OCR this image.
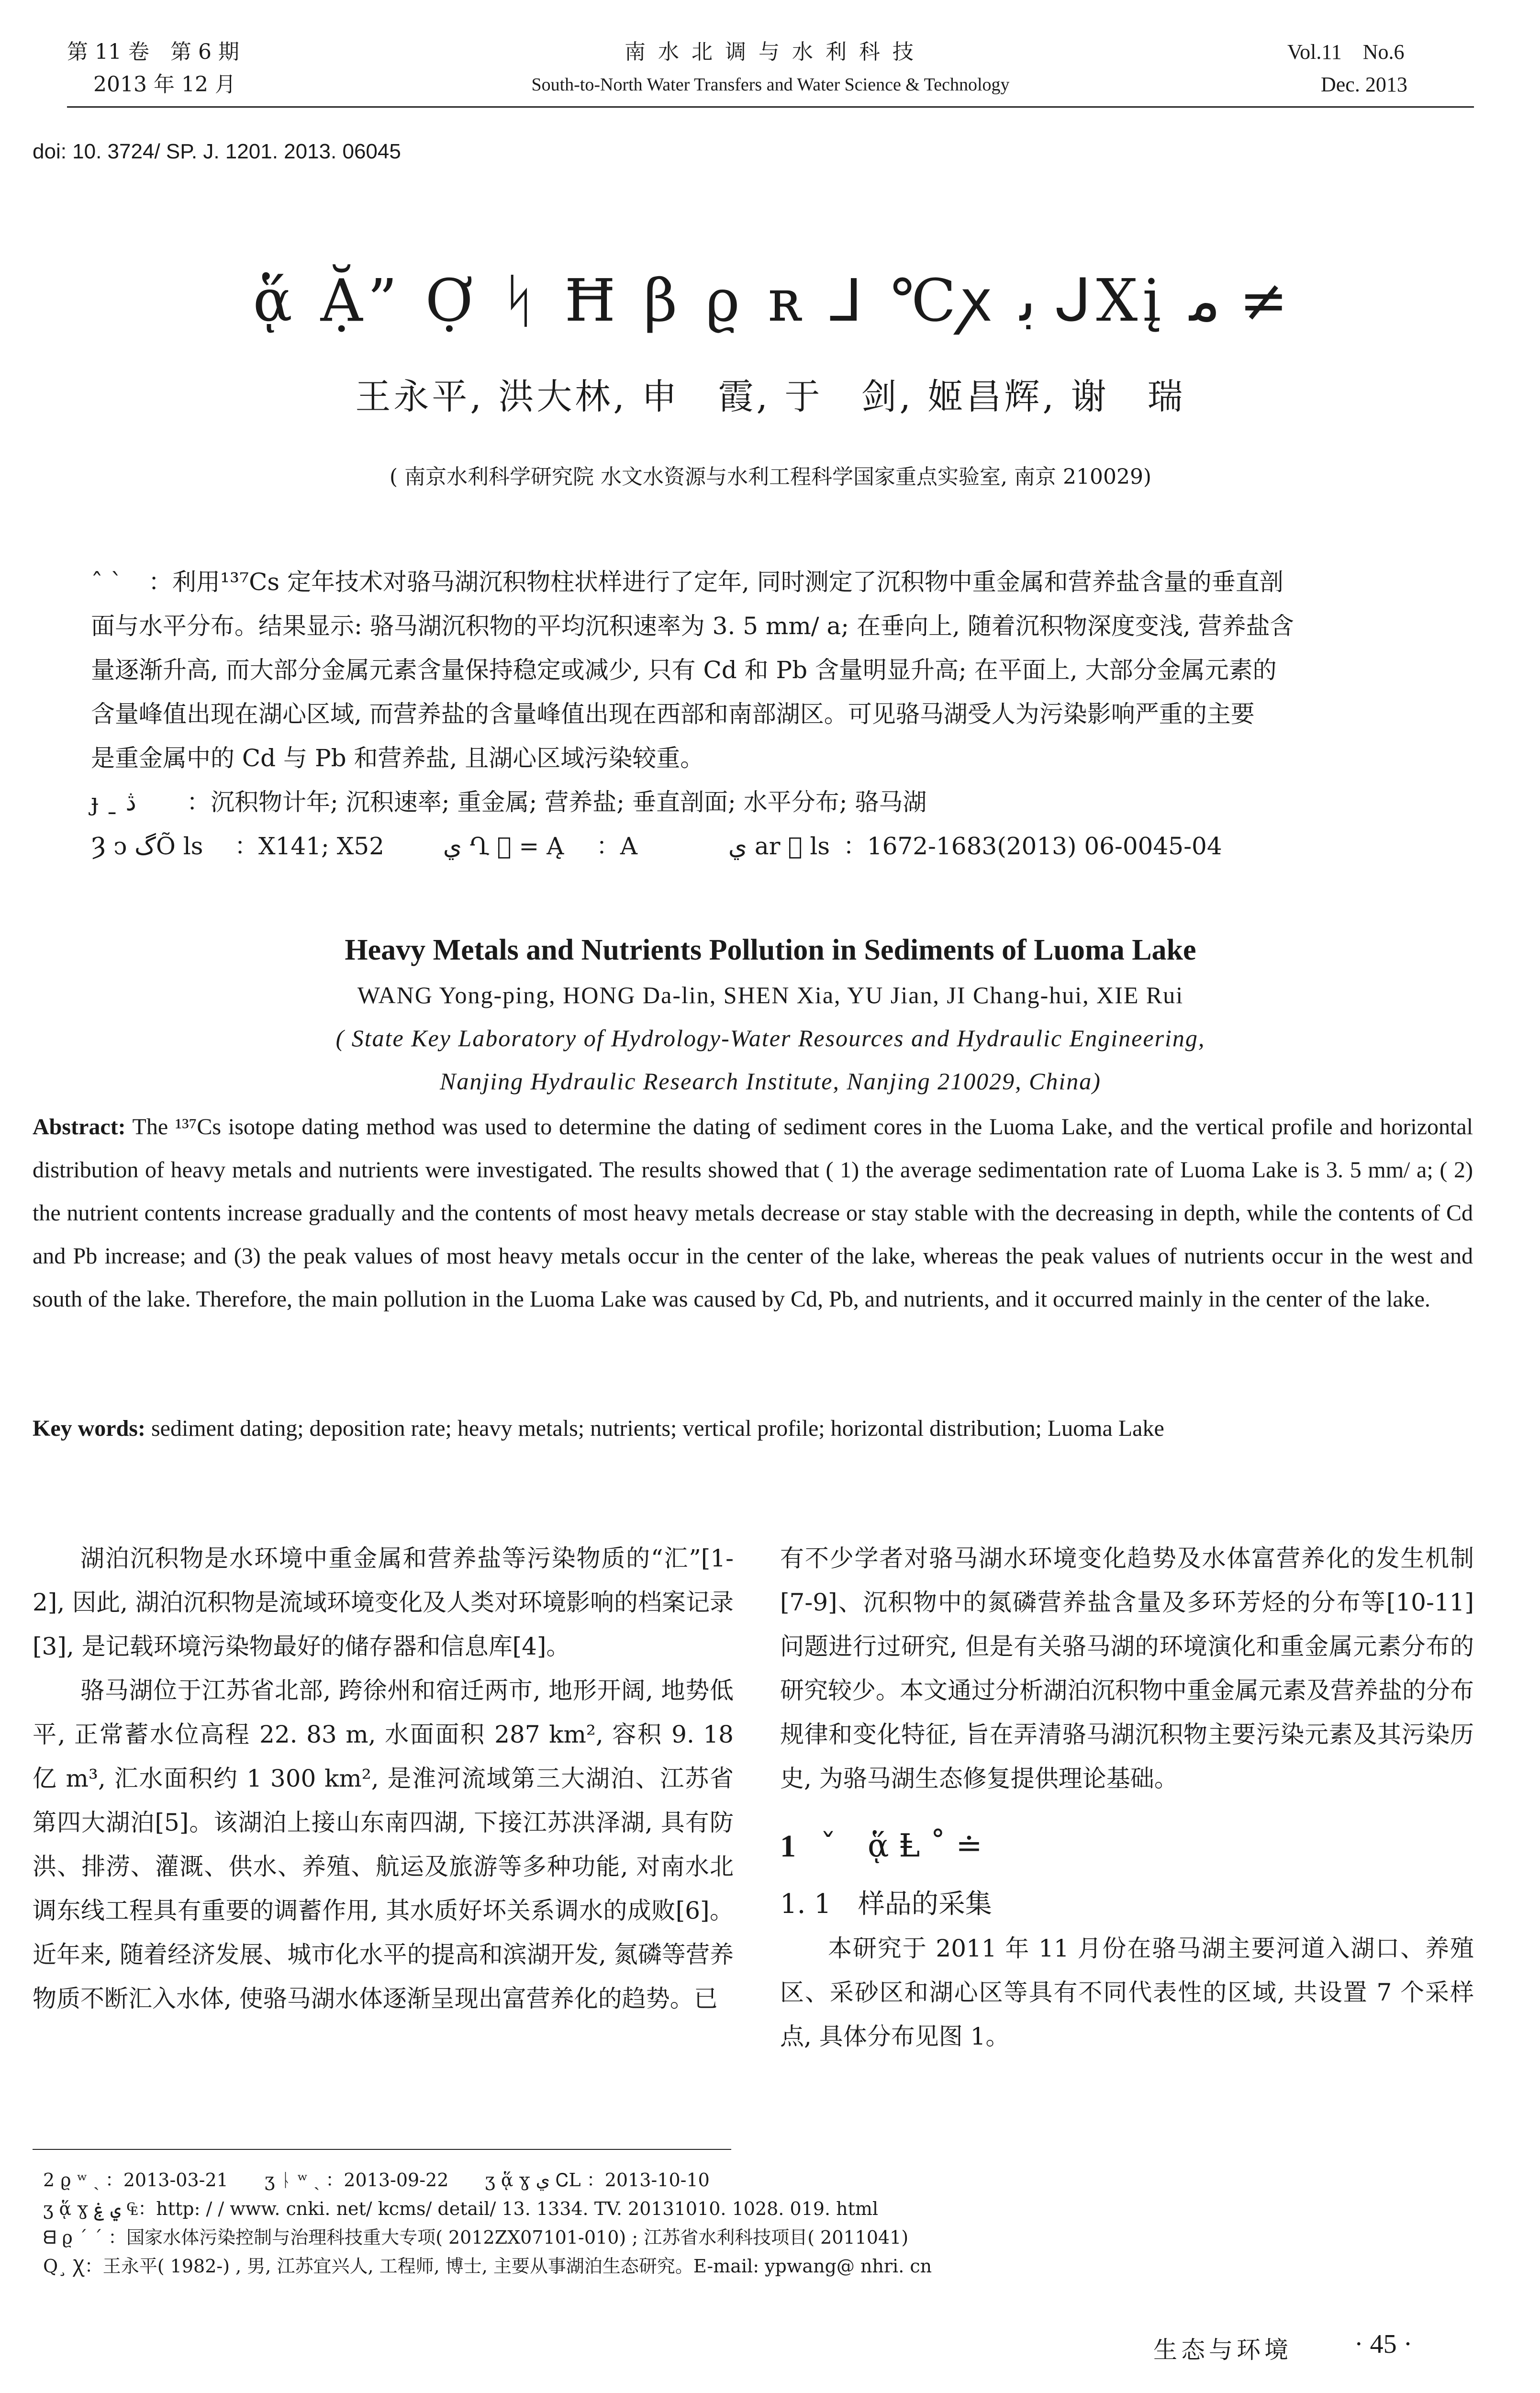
第 11 卷　第 6 期
2013 年 12 月
南 水 北 调 与 水 利 科 技
South-to-North Water Transfers and Water Science & Technology
Vol.11　No.6
Dec. 2013
doi: 10. 3724/ SP. J. 1201. 2013. 06045
ᾅ Ặ” Ợ ᛋ Ħ β ϱ ʀ ⅃ ℃ꭗ ﺑ ᒍXį ﻣ ≠
王永平, 洪大林, 申　霞, 于　剑, 姬昌辉, 谢　瑞
( 南京水利科学研究院 水文水资源与水利工程科学国家重点实验室, 南京 210029)
ˆ ˋ ：利用¹³⁷Cs 定年技术对骆马湖沉积物柱状样进行了定年, 同时测定了沉积物中重金属和营养盐含量的垂直剖
面与水平分布。结果显示: 骆马湖沉积物的平均沉积速率为 3. 5 mm/ a; 在垂向上, 随着沉积物深度变浅, 营养盐含
量逐渐升高, 而大部分金属元素含量保持稳定或减少, 只有 Cd 和 Pb 含量明显升高; 在平面上, 大部分金属元素的
含量峰值出现在湖心区域, 而营养盐的含量峰值出现在西部和南部湖区。可见骆马湖受人为污染影响严重的主要
是重金属中的 Cd 与 Pb 和营养盐, 且湖心区域污染较重。
ɟ ˍ ڎ ：沉积物计年; 沉积速率; 重金属; 营养盐; 垂直剖面; 水平分布; 骆马湖
Ȝ ↄ گÕ ls ：X141; X52 ي Ղ ⃞ = Ą ：A	ي ar ⃞ ls ：1672-1683(2013) 06-0045-04
Heavy Metals and Nutrients Pollution in Sediments of Luoma Lake
WANG Yong-ping, HONG Da-lin, SHEN Xia, YU Jian, JI Chang-hui, XIE Rui
( State Key Laboratory of Hydrology-Water Resources and Hydraulic Engineering,
Nanjing Hydraulic Research Institute, Nanjing 210029, China)
Abstract: The ¹³⁷Cs isotope dating method was used to determine the dating of sediment cores in the Luoma Lake, and the vertical profile and horizontal distribution of heavy metals and nutrients were investigated. The results showed that ( 1) the average sedimentation rate of Luoma Lake is 3. 5 mm/ a; ( 2) the nutrient contents increase gradually and the contents of most heavy metals decrease or stay stable with the decreasing in depth, while the contents of Cd and Pb increase; and (3) the peak values of most heavy metals occur in the center of the lake, whereas the peak values of nutrients occur in the west and south of the lake. Therefore, the main pollution in the Luoma Lake was caused by Cd, Pb, and nutrients, and it occurred mainly in the center of the lake.
Key words: sediment dating; deposition rate; heavy metals; nutrients; vertical profile; horizontal distribution; Luoma Lake
湖泊沉积物是水环境中重金属和营养盐等污染物质的“汇”[1-2], 因此, 湖泊沉积物是流域环境变化及人类对环境影响的档案记录[3], 是记载环境污染物最好的储存器和信息库[4]。
骆马湖位于江苏省北部, 跨徐州和宿迁两市, 地形开阔, 地势低平, 正常蓄水位高程 22. 83 m, 水面面积 287 km², 容积 9. 18 亿 m³, 汇水面积约 1 300 km², 是淮河流域第三大湖泊、江苏省第四大湖泊[5]。该湖泊上接山东南四湖, 下接江苏洪泽湖, 具有防洪、排涝、灌溉、供水、养殖、航运及旅游等多种功能, 对南水北调东线工程具有重要的调蓄作用, 其水质好坏关系调水的成败[6]。近年来, 随着经济发展、城市化水平的提高和滨湖开发, 氮磷等营养物质不断汇入水体, 使骆马湖水体逐渐呈现出富营养化的趋势。已
有不少学者对骆马湖水环境变化趋势及水体富营养化的发生机制[7-9]、沉积物中的氮磷营养盐含量及多环芳烃的分布等[10-11]问题进行过研究, 但是有关骆马湖的环境演化和重金属元素分布的研究较少。本文通过分析湖泊沉积物中重金属元素及营养盐的分布规律和变化特征, 旨在弄清骆马湖沉积物主要污染元素及其污染历史, 为骆马湖生态修复提供理论基础。
1 ˇ　ᾅ Ⱡ ˚ ≐
1. 1　样品的采集
本研究于 2011 年 11 月份在骆马湖主要河道入湖口、养殖区、采砂区和湖心区等具有不同代表性的区域, 共设置 7 个采样点, 具体分布见图 1。
2 ϱ ʷ ˎ ：2013-03-21　　ӡ ᚿ ʷ ˎ ：2013-09-22　　ӡ ᾅ ɣ ي ᏟL ：2013-10-10
ӡ ᾅ ɣ ي ۼ ₠：http: / / www. cnki. net/ kcms/ detail/ 13. 1334. TV. 20131010. 1028. 019. html
ᗺ ϱ ˊ ˊ ：国家水体污染控制与治理科技重大专项( 2012ZX07101-010) ; 江苏省水利科技项目( 2011041)
Q¸ Ꭓ：王永平( 1982-) , 男, 江苏宜兴人, 工程师, 博士, 主要从事湖泊生态研究。E-mail: ypwang@ nhri. cn
生态与环境 · 45 ·
